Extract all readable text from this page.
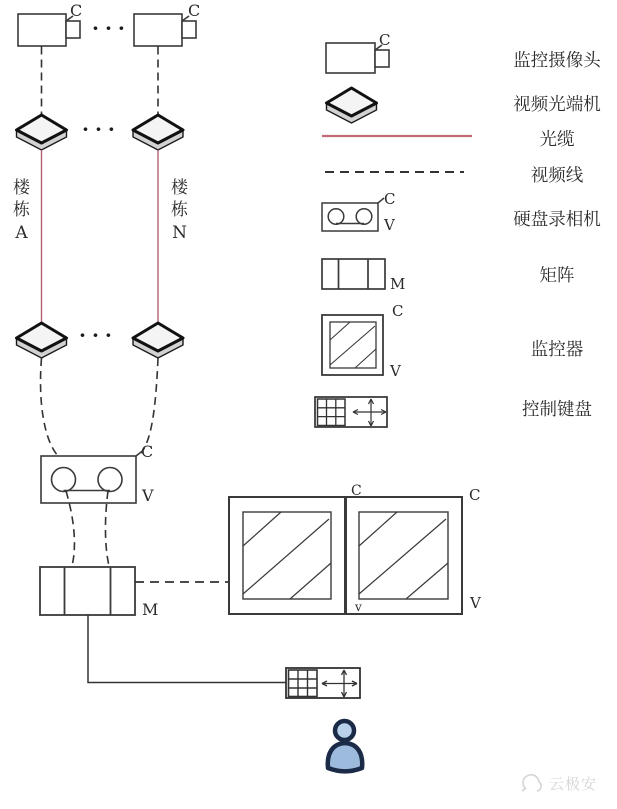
C	C
···
···
···
楼栋A
楼栋N
C
V
M
C
v
C
V
C
C
V
M
C
V
监控摄像头
视频光端机
光缆
视频线
硬盘录相机
矩阵
监控器
控制键盘
云极安
